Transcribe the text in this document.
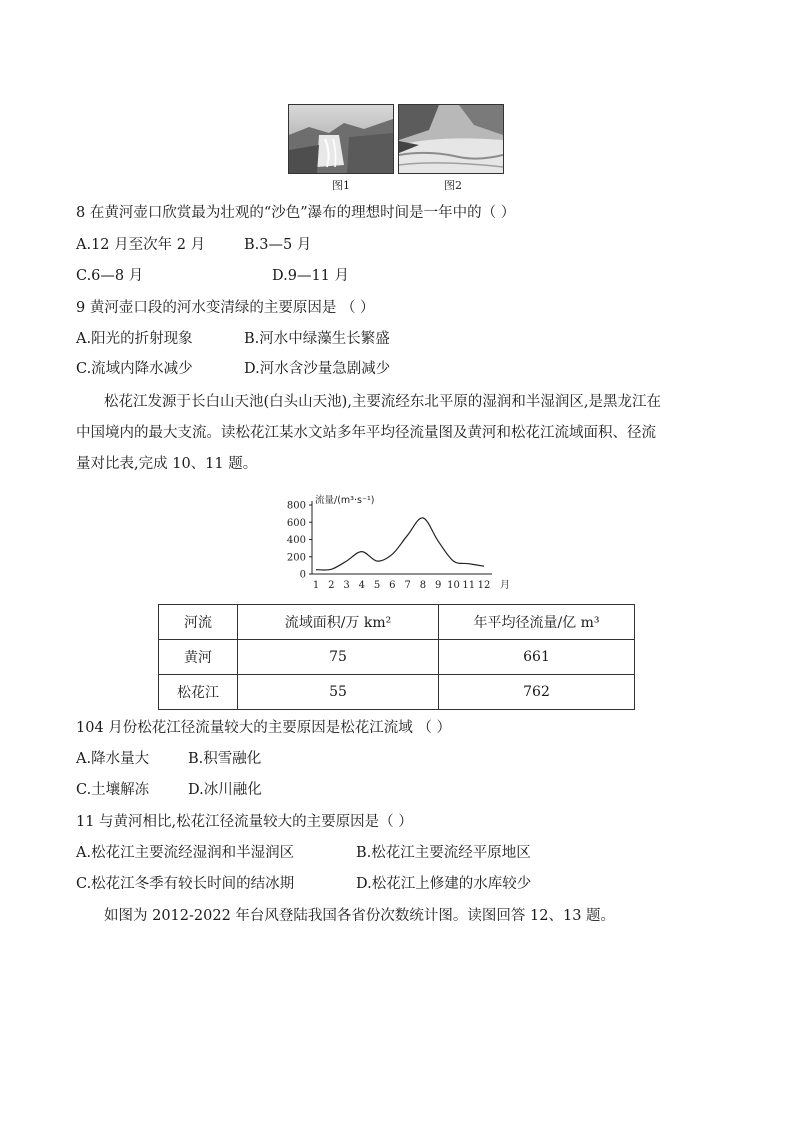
图1	图2
8 在黄河壶口欣赏最为壮观的“沙色”瀑布的理想时间是一年中的（ ）
A.12 月至次年 2 月	B.3—5 月
C.6—8 月	D.9—11 月
9 黄河壶口段的河水变清绿的主要原因是 （ ）
A.阳光的折射现象	B.河水中绿藻生长繁盛
C.流域内降水减少	D.河水含沙量急剧减少
松花江发源于长白山天池(白头山天池),主要流经东北平原的湿润和半湿润区,是黑龙江在
中国境内的最大支流。读松花江某水文站多年平均径流量图及黄河和松花江流域面积、径流
量对比表,完成 10、11 题。
0
200
400
600
800
1 2 3 4 5 6 7 8 9 10 11 12 月
流量/(m³·s⁻¹)
河流	流域面积/万 km²	年平均径流量/亿 m³
黄河	75	661
松花江	55	762
104 月份松花江径流量较大的主要原因是松花江流域 （ ）
A.降水量大	B.积雪融化
C.土壤解冻	D.冰川融化
11 与黄河相比,松花江径流量较大的主要原因是（ ）
A.松花江主要流经湿润和半湿润区	B.松花江主要流经平原地区
C.松花江冬季有较长时间的结冰期	D.松花江上修建的水库较少
如图为 2012-2022 年台风登陆我国各省份次数统计图。读图回答 12、13 题。
